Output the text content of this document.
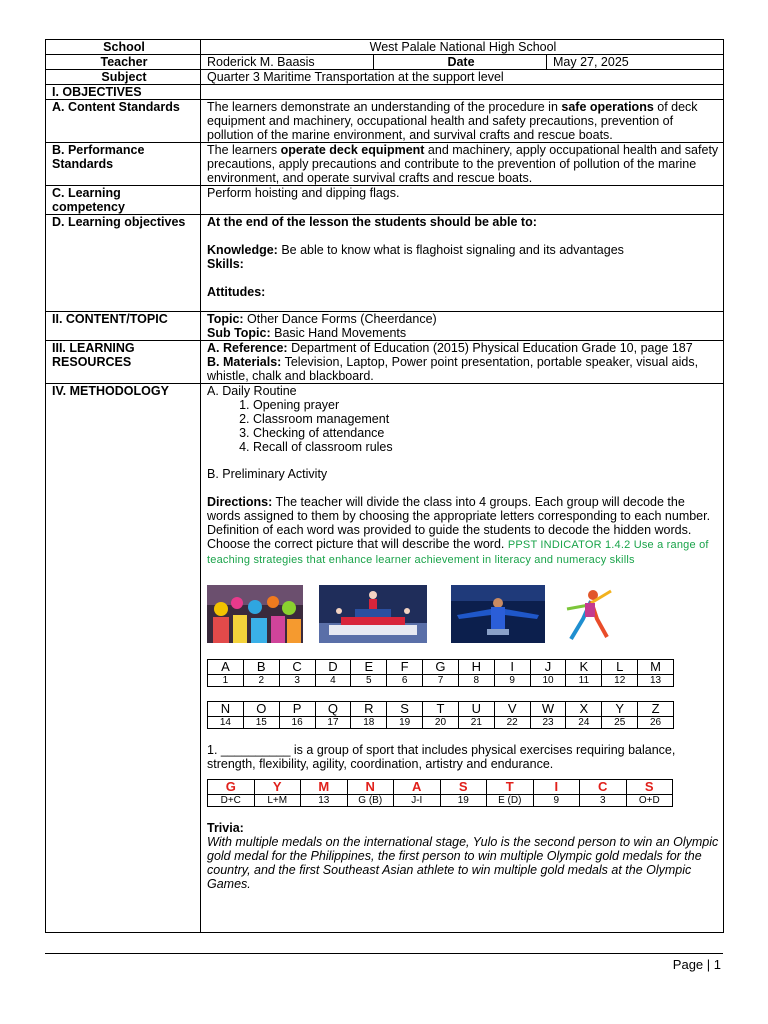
School	West Palale National High School
Teacher	Roderick M. Baasis	Date	May 27, 2025
Subject	Quarter 3 Maritime Transportation at the support level
I. OBJECTIVES	
A. Content Standards	The learners demonstrate an understanding of the procedure in safe operations of deck equipment and machinery, occupational health and safety precautions, prevention of pollution of the marine environment, and survival crafts and rescue boats.
B. Performance Standards	The learners operate deck equipment and machinery, apply occupational health and safety precautions, apply precautions and contribute to the prevention of pollution of the marine environment, and operate survival crafts and rescue boats.
C. Learning competency	Perform hoisting and dipping flags.
D. Learning objectives	At the end of the lesson the students should be able to:
Knowledge: Be able to know what is flaghoist signaling and its advantages
Skills:
Attitudes:

II. CONTENT/TOPIC	Topic: Other Dance Forms (Cheerdance)
Sub Topic: Basic Hand Movements

III. LEARNING RESOURCES	
A. Reference: Department of Education (2015) Physical Education Grade 10, page 187
B. Materials: Television, Laptop, Power point presentation, portable speaker, visual aids, whistle, chalk and blackboard.

IV. METHODOLOGY	A. Daily Routine
1. Opening prayer
2. Classroom management
3. Checking of attendance
4. Recall of classroom rules
B. Preliminary Activity
Directions: The teacher will divide the class into 4 groups. Each group will decode the words assigned to them by choosing the appropriate letters corresponding to each number. Definition of each word was provided to guide the students to decode the hidden words. Choose the correct picture that will describe the word. PPST INDICATOR 1.4.2 Use a range of teaching strategies that enhance learner achievement in literacy and numeracy skills
A	B	C	D	E	F	G	H	I	J	K	L	M
1	2	3	4	5	6	7	8	9	10	11	12	13
N	O	P	Q	R	S	T	U	V	W	X	Y	Z
14	15	16	17	18	19	20	21	22	23	24	25	26
1. __________ is a group of sport that includes physical exercises requiring balance, strength, flexibility, agility, coordination, artistry and endurance.
G	Y	M	N	A	S	T	I	C	S
D+C	L+M	13	G (B)	J-I	19	E (D)	9	3	O+D
Trivia:
With multiple medals on the international stage, Yulo is the second person to win an Olympic gold medal for the Philippines, the first person to win multiple Olympic gold medals for the country, and the first Southeast Asian athlete to win multiple gold medals at the Olympic Games.
Page | 1
